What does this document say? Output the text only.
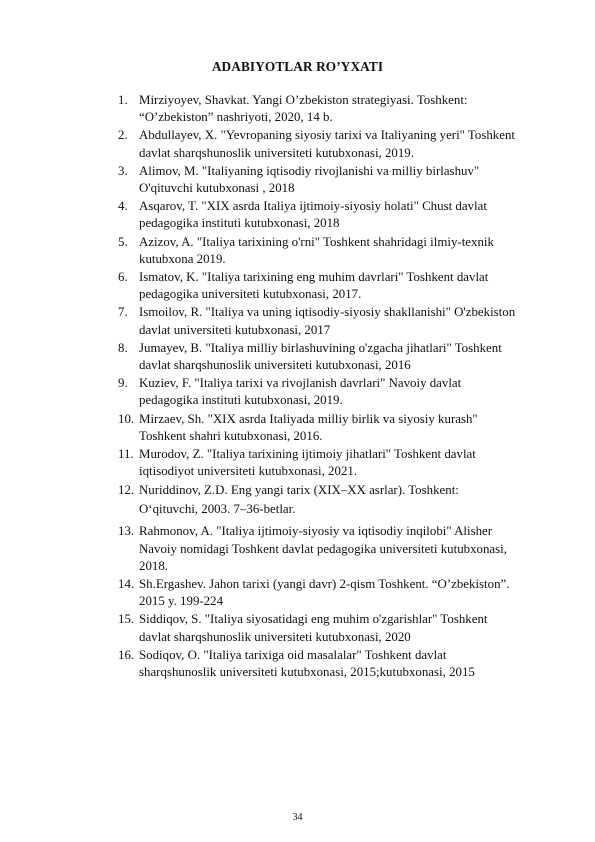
ADABIYOTLAR RO’YXATI
1. Mirziyoyev, Shavkat. Yangi O’zbekiston strategiyasi. Toshkent:
“O’zbekiston” nashriyoti, 2020, 14 b.
2. Abdullayev, X. "Yevropaning siyosiy tarixi va Italiyaning yeri" Toshkent
davlat sharqshunoslik universiteti kutubxonasi, 2019.
3. Alimov, M. "Italiyaning iqtisodiy rivojlanishi va milliy birlashuv"
O'qituvchi kutubxonasi , 2018
4. Asqarov, T. "XIX asrda Italiya ijtimoiy-siyosiy holati" Chust davlat
pedagogika instituti kutubxonasi, 2018
5. Azizov, A. "Italiya tarixining o'rni" Toshkent shahridagi ilmiy-texnik
kutubxona 2019.
6. Ismatov, K. "Italiya tarixining eng muhim davrlari" Toshkent davlat
pedagogika universiteti kutubxonasi, 2017.
7. Ismoilov, R. "Italiya va uning iqtisodiy-siyosiy shakllanishi" O'zbekiston
davlat universiteti kutubxonasi, 2017
8. Jumayev, B. "Italiya milliy birlashuvining o'zgacha jihatlari" Toshkent
davlat sharqshunoslik universiteti kutubxonasi, 2016
9. Kuziev, F. "Italiya tarixi va rivojlanish davrlari" Navoiy davlat
pedagogika instituti kutubxonasi, 2019.
10. Mirzaev, Sh. "XIX asrda Italiyada milliy birlik va siyosiy kurash"
Toshkent shahri kutubxonasi, 2016.
11. Murodov, Z. "Italiya tarixining ijtimoiy jihatlari" Toshkent davlat
iqtisodiyot universiteti kutubxonasi, 2021.
12. Nuriddinov, Z.D. Eng yangi tarix (XIX–XX asrlar). Toshkent:
O‘qituvchi, 2003. 7–36-betlar.
13. Rahmonov, A. "Italiya ijtimoiy-siyosiy va iqtisodiy inqilobi" Alisher
Navoiy nomidagi Toshkent davlat pedagogika universiteti kutubxonasi,
2018.
14. Sh.Ergashev. Jahon tarixi (yangi davr) 2-qism Toshkent. “O’zbekiston”.
2015 y. 199-224
15. Siddiqov, S. "Italiya siyosatidagi eng muhim o'zgarishlar" Toshkent
davlat sharqshunoslik universiteti kutubxonasi, 2020
16. Sodiqov, O. "Italiya tarixiga oid masalalar" Toshkent davlat
sharqshunoslik universiteti kutubxonasi, 2015;kutubxonasi, 2015
34
